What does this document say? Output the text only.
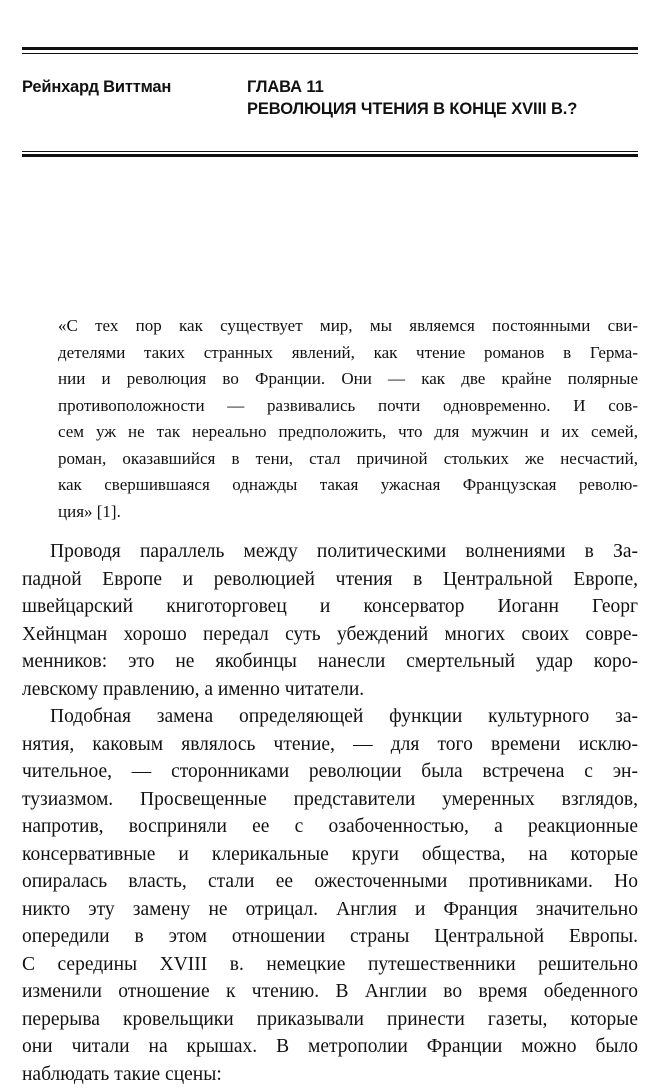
Рейнхард Виттман	ГЛАВА 11
РЕВОЛЮЦИЯ ЧТЕНИЯ В КОНЦЕ XVIII В.?
«С тех пор как существует мир, мы являемся постоянными сви-
детелями таких странных явлений, как чтение романов в Герма-
нии и революция во Франции. Они — как две крайне полярные
противоположности — развивались почти одновременно. И сов-
сем уж не так нереально предположить, что для мужчин и их семей,
роман, оказавшийся в тени, стал причиной стольких же несчастий,
как свершившаяся однажды такая ужасная Французская револю-
ция» [1].
Проводя параллель между политическими волнениями в За-
падной Европе и революцией чтения в Центральной Европе,
швейцарский книготорговец и консерватор Иоганн Георг
Хейнцман хорошо передал суть убеждений многих своих совре-
менников: это не якобинцы нанесли смертельный удар коро-
левскому правлению, а именно читатели.
Подобная замена определяющей функции культурного за-
нятия, каковым являлось чтение, — для того времени исклю-
чительное, — сторонниками революции была встречена с эн-
тузиазмом. Просвещенные представители умеренных взглядов,
напротив, восприняли ее с озабоченностью, а реакционные
консервативные и клерикальные круги общества, на которые
опиралась власть, стали ее ожесточенными противниками. Но
никто эту замену не отрицал. Англия и Франция значительно
опередили в этом отношении страны Центральной Европы.
С середины XVIII в. немецкие путешественники решительно
изменили отношение к чтению. В Англии во время обеденного
перерыва кровельщики приказывали принести газеты, которые
они читали на крышах. В метрополии Франции можно было
наблюдать такие сцены:
